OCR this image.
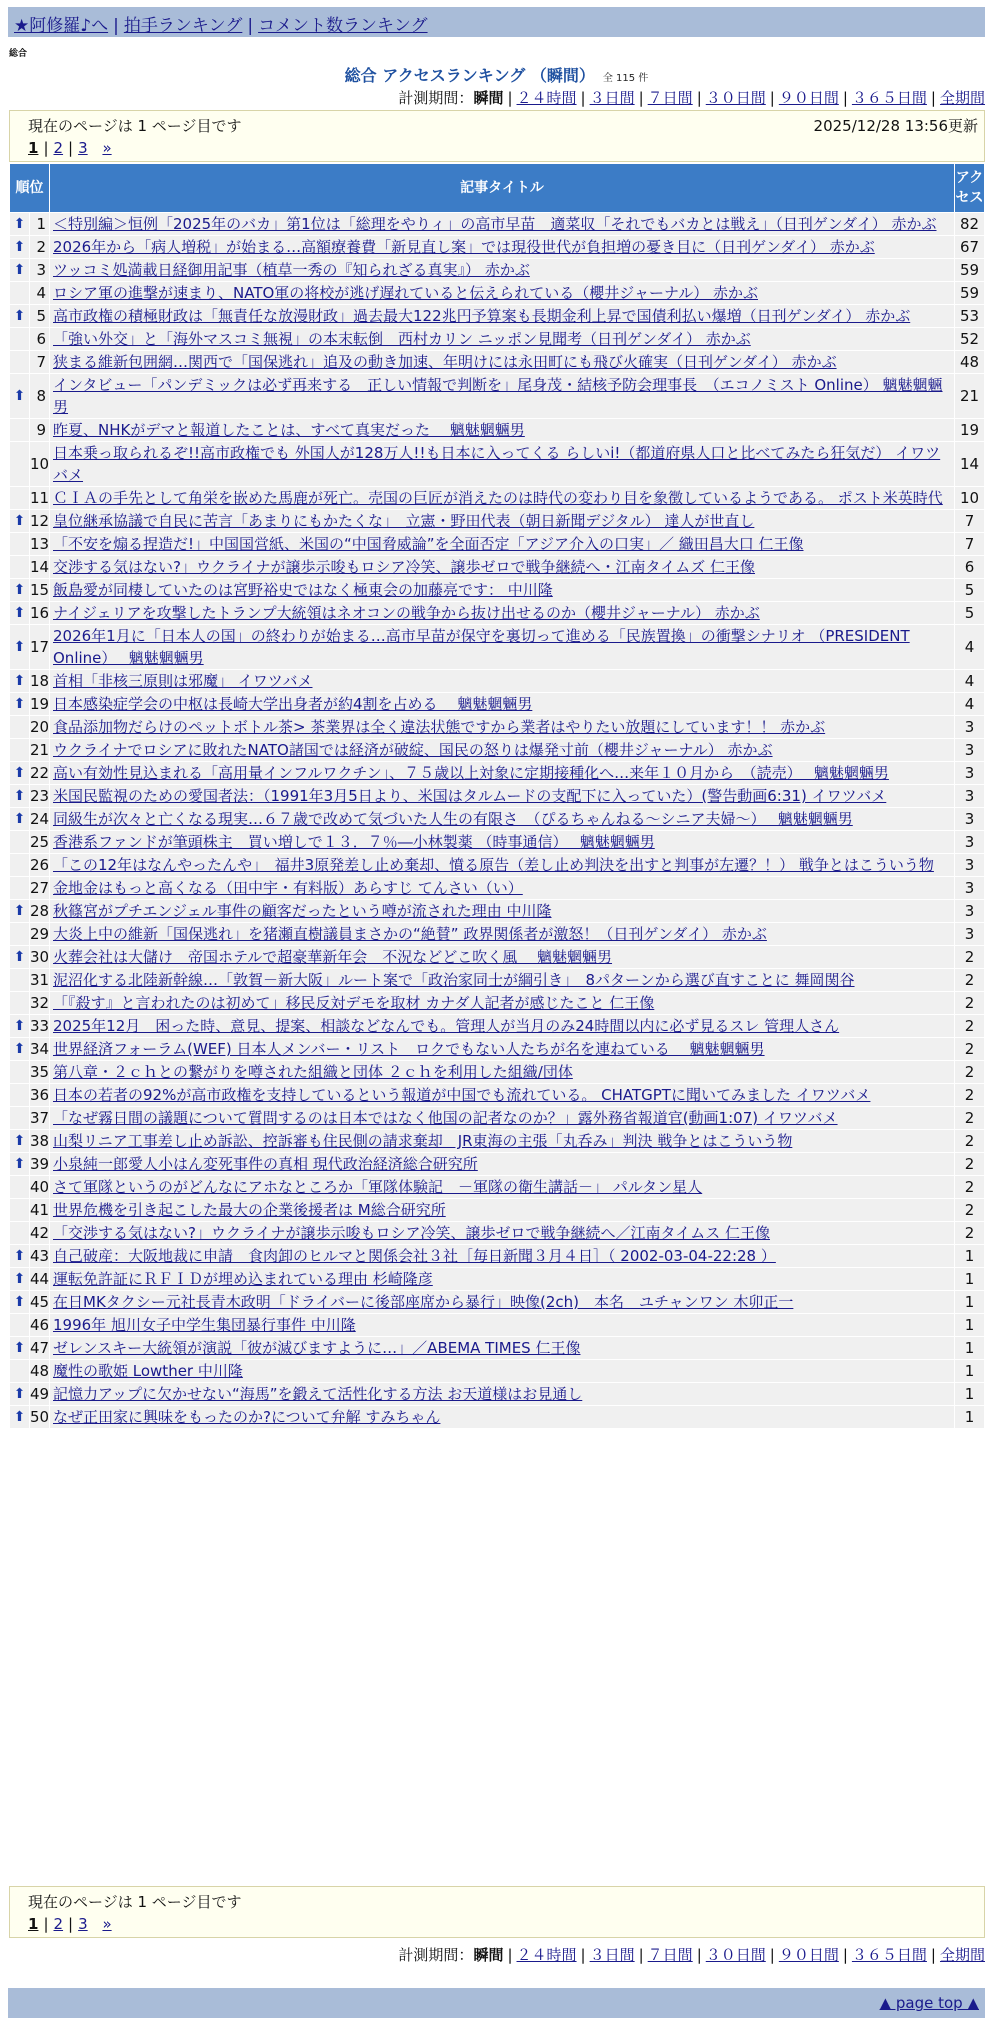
★阿修羅♪へ | 拍手ランキング | コメント数ランキング
総合
総合 アクセスランキング （瞬間） 全 115 件
計測期間：瞬間 | ２４時間 | ３日間 | ７日間 | ３０日間 | ９０日間 | ３６５日間 | 全期間
現在のページは 1 ページ目です	2025/12/28 13:56更新
1 | 2 | 3 »
順位		記事タイトル	アクセス
⬆	1	＜特別編＞恒例「2025年のバカ」第1位は「総理をやりィ」の高市早苗　適菜収「それでもバカとは戦え」（日刊ゲンダイ） 赤かぶ	82
⬆	2	2026年から「病人増税」が始まる…高額療養費「新見直し案」では現役世代が負担増の憂き目に（日刊ゲンダイ） 赤かぶ	67
⬆	3	ツッコミ処満載日経御用記事（植草一秀の『知られざる真実』） 赤かぶ	59
	4	ロシア軍の進撃が速まり、NATO軍の将校が逃げ遅れていると伝えられている（櫻井ジャーナル） 赤かぶ	59
⬆	5	高市政権の積極財政は「無責任な放漫財政」過去最大122兆円予算案も長期金利上昇で国債利払い爆増（日刊ゲンダイ） 赤かぶ	53
	6	「強い外交」と「海外マスコミ無視」の本末転倒　西村カリン ニッポン見聞考（日刊ゲンダイ） 赤かぶ	52
	7	狭まる維新包囲網…関西で「国保逃れ」追及の動き加速、年明けには永田町にも飛び火確実（日刊ゲンダイ） 赤かぶ	48
⬆	8	インタビュー「パンデミックは必ず再来する　正しい情報で判断を」尾身茂・結核予防会理事長　（エコノミスト Online） 魑魅魍魎男	21
	9	昨夏、NHKがデマと報道したことは、すべて真実だった　 魑魅魍魎男	19
	10	日本乗っ取られるぞ!!高市政権でも 外国人が128万人!!も日本に入ってくる らしいi!（都道府県人口と比べてみたら狂気だ） イワツバメ	14
	11	ＣＩＡの手先として角栄を嵌めた馬鹿が死亡。売国の巨匠が消えたのは時代の変わり目を象徴しているようである。 ポスト米英時代	10
⬆	12	皇位継承協議で自民に苦言「あまりにもかたくな」　立憲・野田代表（朝日新聞デジタル） 達人が世直し	7
	13	「不安を煽る捏造だ!」中国国営紙、米国の“中国脅威論”を全面否定「アジア介入の口実」／ 織田昌大口 仁王像	7
	14	交渉する気はない?」ウクライナが譲歩示唆もロシア冷笑、譲歩ゼロで戦争継続へ・江南タイムズ 仁王像	6
⬆	15	飯島愛が同棲していたのは宮野裕史ではなく極東会の加藤亮です： 中川隆	5
⬆	16	ナイジェリアを攻撃したトランプ大統領はネオコンの戦争から抜け出せるのか（櫻井ジャーナル） 赤かぶ	5
⬆	17	2026年1月に「日本人の国」の終わりが始まる…高市早苗が保守を裏切って進める「民族置換」の衝撃シナリオ （PRESIDENT Online）　 魑魅魍魎男	4
⬆	18	首相「非核三原則は邪魔」 イワツバメ	4
⬆	19	日本感染症学会の中枢は長崎大学出身者が約4割を占める　 魑魅魍魎男	4
	20	食品添加物だらけのペットボトル茶> 茶業界は全く違法状態ですから業者はやりたい放題にしています！！ 赤かぶ	3
	21	ウクライナでロシアに敗れたNATO諸国では経済が破綻、国民の怒りは爆発寸前（櫻井ジャーナル） 赤かぶ	3
⬆	22	高い有効性見込まれる「高用量インフルワクチン」、７５歳以上対象に定期接種化へ…来年１０月から　（読売）　 魑魅魍魎男	3
⬆	23	米国民監視のための愛国者法：（1991年3月5日より、米国はタルムードの支配下に入っていた）(警告動画6:31) イワツバメ	3
⬆	24	同級生が次々と亡くなる現実…６７歳で改めて気づいた人生の有限さ　（ぴるちゃんねる～シニア夫婦～）　 魑魅魍魎男	3
	25	香港系ファンドが筆頭株主　買い増しで１３．７％―小林製薬 （時事通信）　 魑魅魍魎男	3
	26	「この12年はなんやったんや」　福井3原発差し止め棄却、憤る原告（差し止め判決を出すと判事が左遷？！） 戦争とはこういう物	3
	27	金地金はもっと高くなる（田中宇・有料版）あらすじ てんさい（い）	3
⬆	28	秋篠宮がプチエンジェル事件の顧客だったという噂が流された理由 中川隆	3
	29	大炎上中の維新「国保逃れ」を猪瀬直樹議員まさかの“絶賛” 政界関係者が激怒！（日刊ゲンダイ） 赤かぶ	3
⬆	30	火葬会社は大儲け　帝国ホテルで超豪華新年会　不況などどこ吹く風　 魑魅魍魎男	2
	31	泥沼化する北陸新幹線…「敦賀－新大阪」ルート案で「政治家同士が綱引き」　8パターンから選び直すことに 舞岡関谷	2
	32	「『殺す』と言われたのは初めて」移民反対デモを取材 カナダ人記者が感じたこと 仁王像	2
⬆	33	2025年12月　困った時、意見、提案、相談などなんでも。管理人が当月のみ24時間以内に必ず見るスレ 管理人さん	2
⬆	34	世界経済フォーラム(WEF) 日本人メンバー・リスト　ロクでもない人たちが名を連ねている　 魑魅魍魎男	2
	35	第八章・２ｃｈとの繋がりを噂された組織と団体 ２ｃｈを利用した組織/団体	2
	36	日本の若者の92%が高市政権を支持しているという報道が中国でも流れている。 CHATGPTに聞いてみました イワツバメ	2
	37	「なぜ霧日間の議題について質問するのは日本ではなく他国の記者なのか？」露外務省報道官(動画1:07) イワツバメ	2
⬆	38	山梨リニア工事差し止め訴訟、控訴審も住民側の請求棄却　JR東海の主張「丸呑み」判決 戦争とはこういう物	2
⬆	39	小泉純一郎愛人小はん変死事件の真相 現代政治経済総合研究所	2
	40	さて軍隊というのがどんなにアホなところか「軍隊体験記　－軍隊の衛生講話－」 パルタン星人	2
	41	世界危機を引き起こした最大の企業後援者は M総合研究所	2
	42	「交渉する気はない?」ウクライナが譲歩示唆もロシア冷笑、譲歩ゼロで戦争継続へ／江南タイムス 仁王像	2
⬆	43	自己破産：大阪地裁に申請　食肉卸のヒルマと関係会社３社［毎日新聞３月４日］（ 2002-03-04-22:28 ）	1
⬆	44	運転免許証にＲＦＩＤが埋め込まれている理由 杉崎隆彦	1
⬆	45	在日MKタクシー元社長青木政明「ドライバーに後部座席から暴行」映像(2ch)　本名　ユチャンワン 木卯正一	1
	46	1996年 旭川女子中学生集団暴行事件 中川隆	1
⬆	47	ゼレンスキー大統領が演説「彼が滅びますように…」／ABEMA TIMES 仁王像	1
	48	魔性の歌姫 Lowther 中川隆	1
⬆	49	記憶力アップに欠かせない“海馬”を鍛えて活性化する方法 お天道様はお見通し	1
⬆	50	なぜ正田家に興味をもったのか?について弁解 すみちゃん	1
現在のページは 1 ページ目です
1 | 2 | 3 »
計測期間：瞬間 | ２４時間 | ３日間 | ７日間 | ３０日間 | ９０日間 | ３６５日間 | 全期間
▲ page top ▲
